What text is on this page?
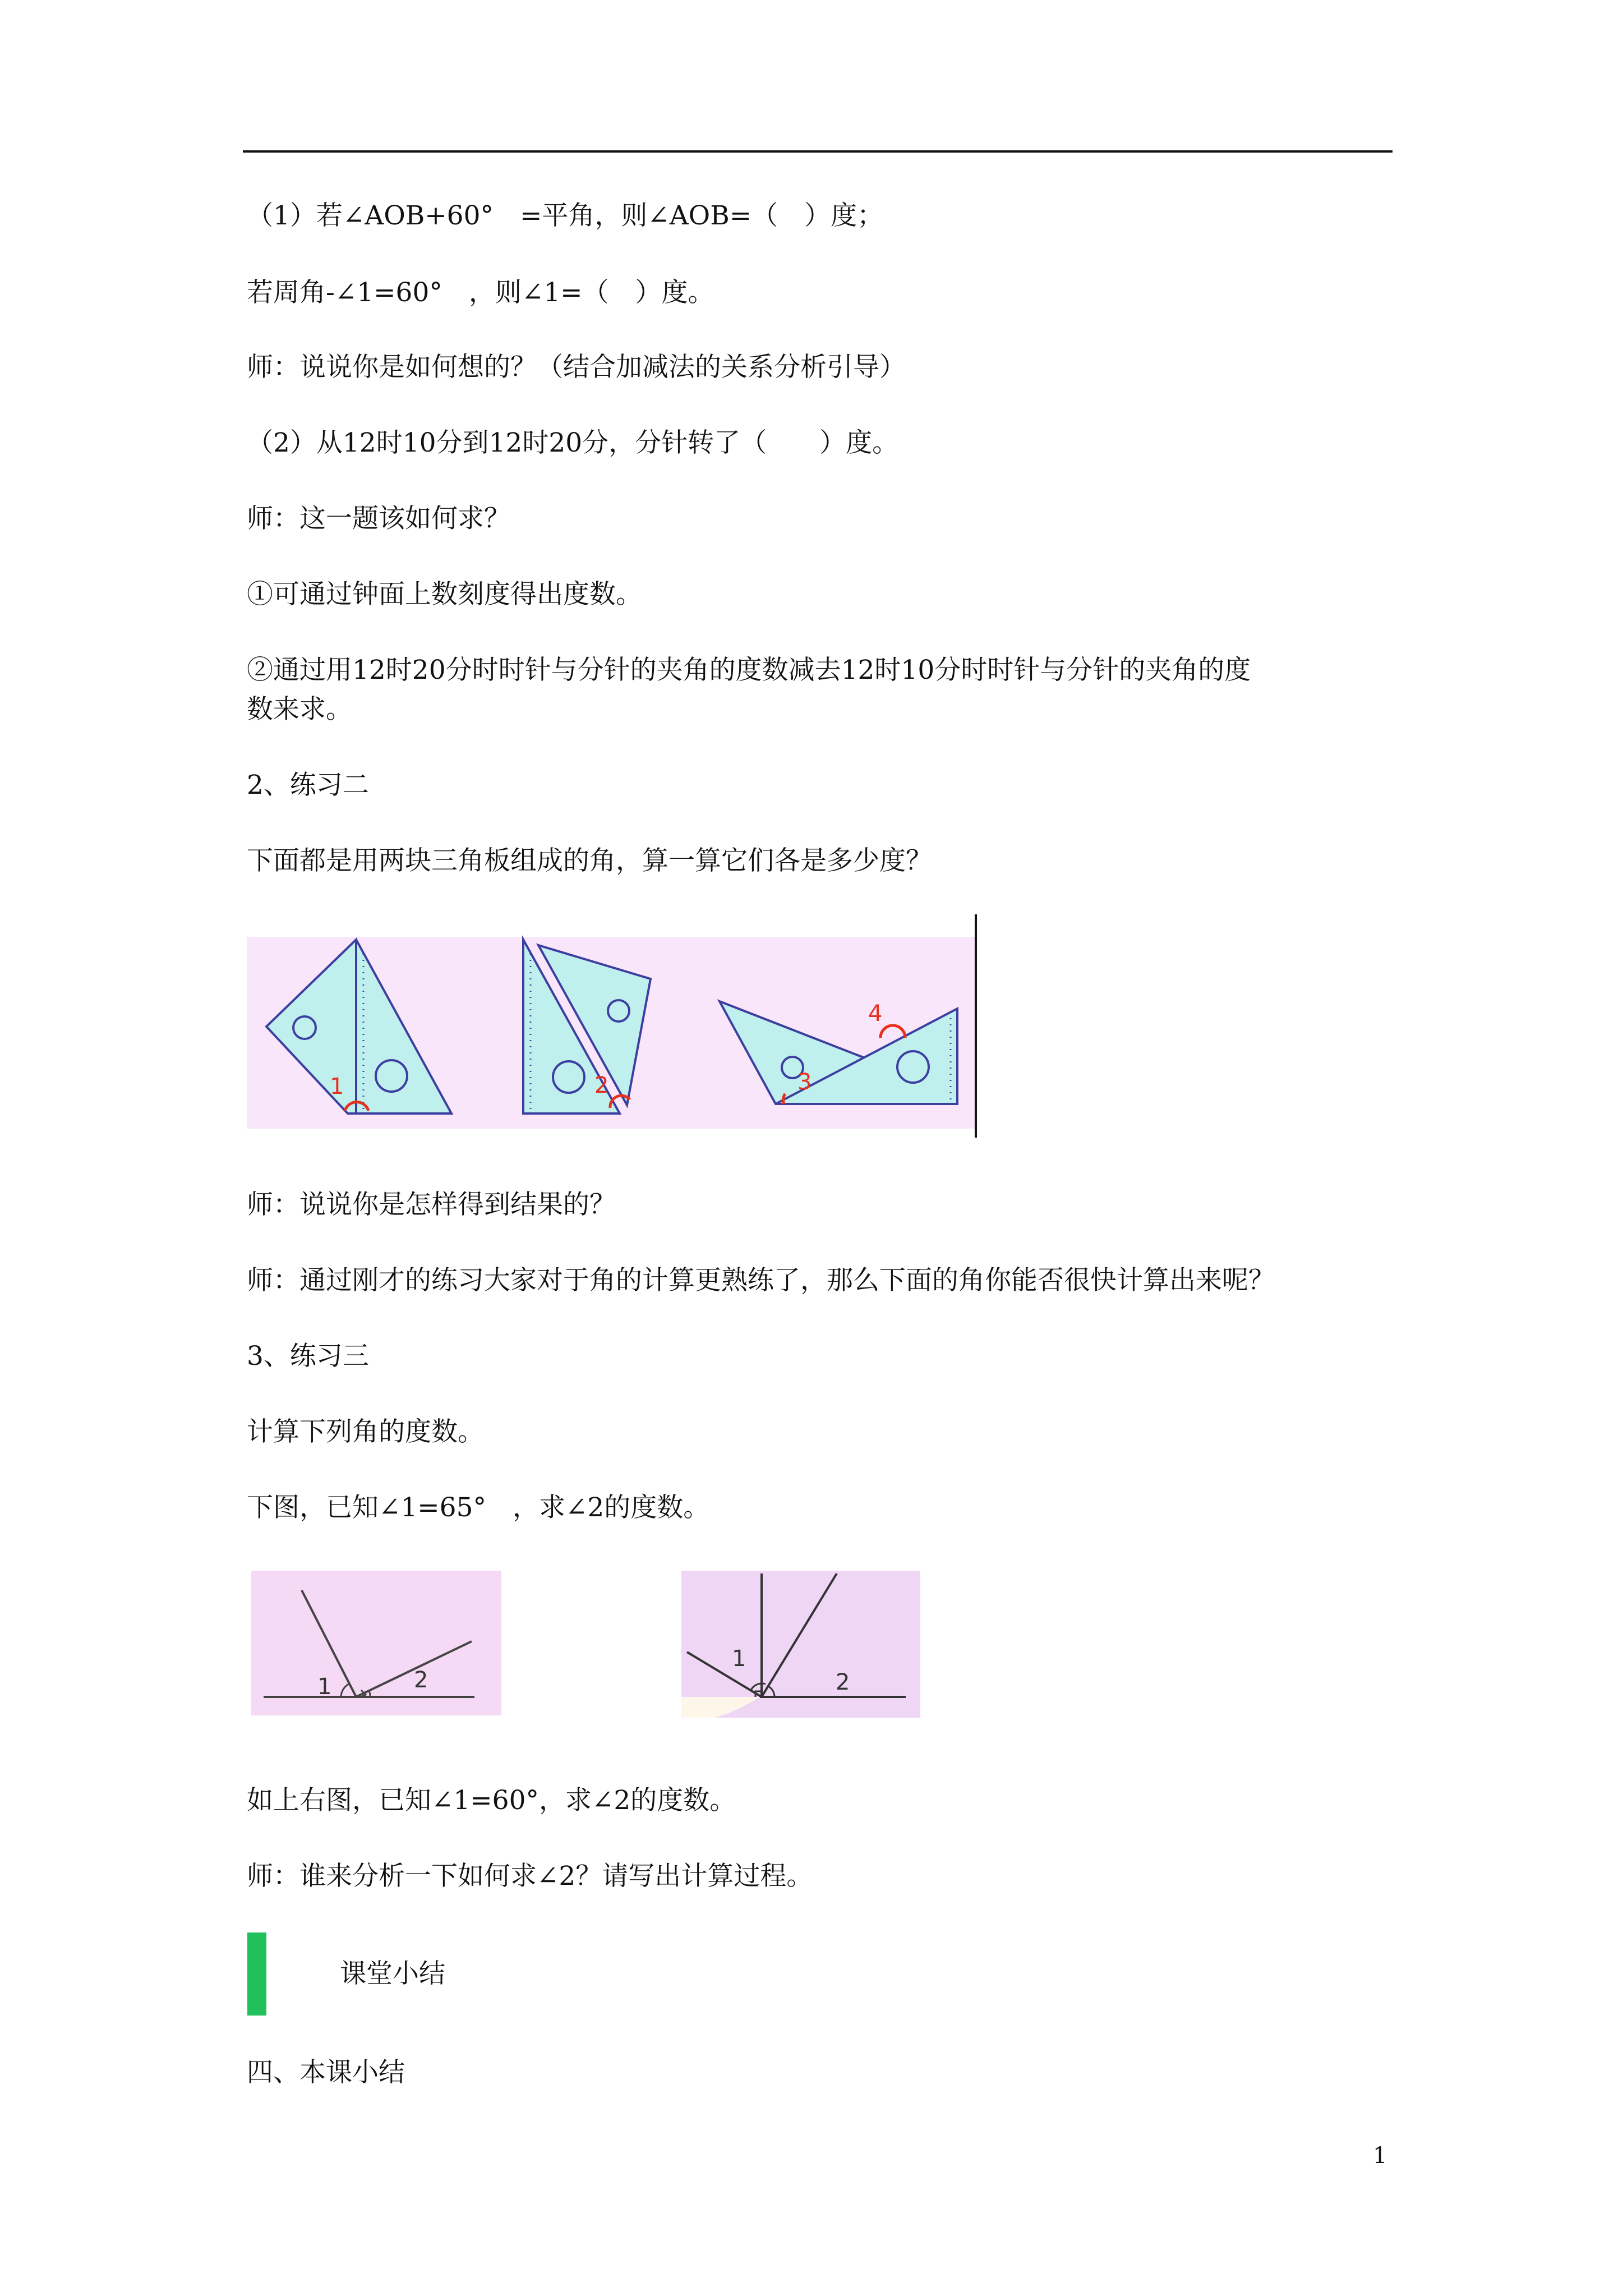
（1）若∠AOB+60°　=平角，则∠AOB=（　）度；
若周角-∠1=60°　，则∠1=（　）度。
师：说说你是如何想的？（结合加减法的关系分析引导）
（2）从12时10分到12时20分，分针转了（　　）度。
师：这一题该如何求？
①可通过钟面上数刻度得出度数。
②通过用12时20分时时针与分针的夹角的度数减去12时10分时时针与分针的夹角的度
数来求。
2、练习二
下面都是用两块三角板组成的角，算一算它们各是多少度？
1	2	3
4
师：说说你是怎样得到结果的？
师：通过刚才的练习大家对于角的计算更熟练了，那么下面的角你能否很快计算出来呢？
3、练习三
计算下列角的度数。
下图，已知∠1=65°　，求∠2的度数。
1	2
1
2
如上右图，已知∠1=60°，求∠2的度数。
师：谁来分析一下如何求∠2？请写出计算过程。
课堂小结
四、本课小结
1
